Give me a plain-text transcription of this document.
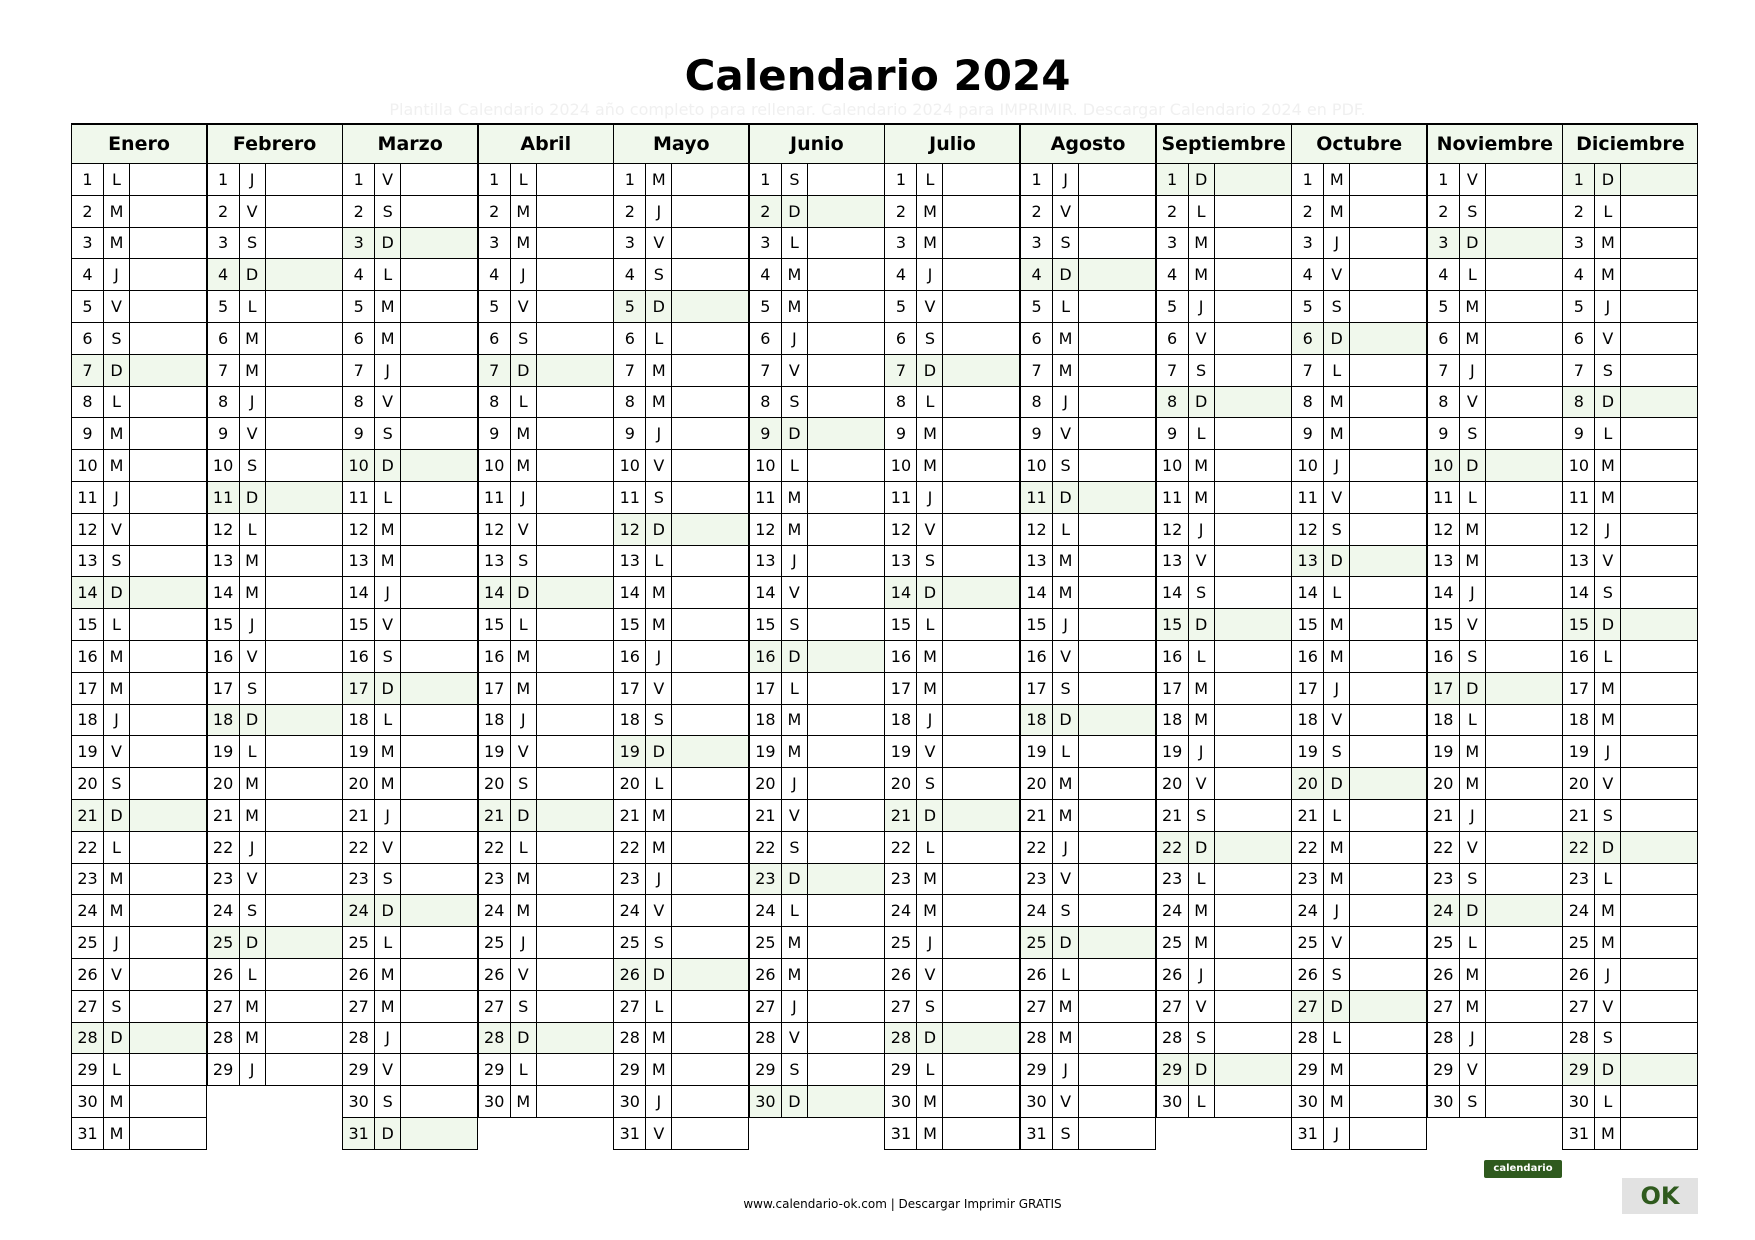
Calendario 2024
Plantilla Calendario 2024 año completo para rellenar. Calendario 2024 para IMPRIMIR. Descargar Calendario 2024 en PDF.
Enero
1	L
2	M
3	M
4	J
5	V
6	S
7	D
8	L
9	M
10 M
11	J
12 V
13 S
14 D
15 L
16 M
17 M
18	J
19 V
20 S
21 D
22 L
23 M
24 M
25	J
26 V
27 S
28 D
29 L
30 M
31 M
Febrero
1	J
2	V
3	S
4	D
5	L
6	M
7	M
8	J
9	V
10 S
11 D
12 L
13 M
14 M
15	J
16 V
17 S
18 D
19 L
20 M
21 M
22	J
23 V
24 S
25 D
26 L
27 M
28 M
29	J
Marzo
1	V
2	S
3	D
4	L
5	M
6	M
7	J
8	V
9	S
10 D
11 L
12 M
13 M
14	J
15 V
16 S
17 D
18 L
19 M
20 M
21	J
22 V
23 S
24 D
25 L
26 M
27 M
28	J
29 V
30 S
31 D
Abril
1	L
2	M
3	M
4	J
5	V
6	S
7	D
8	L
9	M
10 M
11	J
12 V
13 S
14 D
15 L
16 M
17 M
18	J
19 V
20 S
21 D
22 L
23 M
24 M
25	J
26 V
27 S
28 D
29 L
30 M
Mayo
1	M
2	J
3	V
4	S
5	D
6	L
7	M
8	M
9	J
10 V
11 S
12 D
13 L
14 M
15 M
16	J
17 V
18 S
19 D
20 L
21 M
22 M
23	J
24 V
25 S
26 D
27 L
28 M
29 M
30	J
31 V
Junio
1	S
2	D
3	L
4	M
5	M
6	J
7	V
8	S
9	D
10 L
11 M
12 M
13	J
14 V
15 S
16 D
17 L
18 M
19 M
20	J
21 V
22 S
23 D
24 L
25 M
26 M
27	J
28 V
29 S
30 D
Julio
1	L
2	M
3	M
4	J
5	V
6	S
7	D
8	L
9	M
10 M
11	J
12 V
13 S
14 D
15 L
16 M
17 M
18	J
19 V
20 S
21 D
22 L
23 M
24 M
25	J
26 V
27 S
28 D
29 L
30 M
31 M
Agosto
1	J
2	V
3	S
4	D
5	L
6	M
7	M
8	J
9	V
10 S
11 D
12 L
13 M
14 M
15	J
16 V
17 S
18 D
19 L
20 M
21 M
22	J
23 V
24 S
25 D
26 L
27 M
28 M
29	J
30 V
31 S
Septiembre
1	D
2	L
3	M
4	M
5	J
6	V
7	S
8	D
9	L
10 M
11 M
12	J
13 V
14 S
15 D
16 L
17 M
18 M
19	J
20 V
21 S
22 D
23 L
24 M
25 M
26	J
27 V
28 S
29 D
30 L
Octubre
1	M
2	M
3	J
4	V
5	S
6	D
7	L
8	M
9	M
10	J
11 V
12 S
13 D
14 L
15 M
16 M
17	J
18 V
19 S
20 D
21 L
22 M
23 M
24	J
25 V
26 S
27 D
28 L
29 M
30 M
31	J
Noviembre
1	V
2	S
3	D
4	L
5	M
6	M
7	J
8	V
9	S
10 D
11 L
12 M
13 M
14	J
15 V
16 S
17 D
18 L
19 M
20 M
21	J
22 V
23 S
24 D
25 L
26 M
27 M
28	J
29 V
30 S
Diciembre
1	D
2	L
3	M
4	M
5	J
6	V
7	S
8	D
9	L
10 M
11 M
12	J
13 V
14 S
15 D
16 L
17 M
18 M
19	J
20 V
21 S
22 D
23 L
24 M
25 M
26	J
27 V
28 S
29 D
30 L
31 M
calendario
OK
www.calendario-ok.com | Descargar Imprimir GRATIS
